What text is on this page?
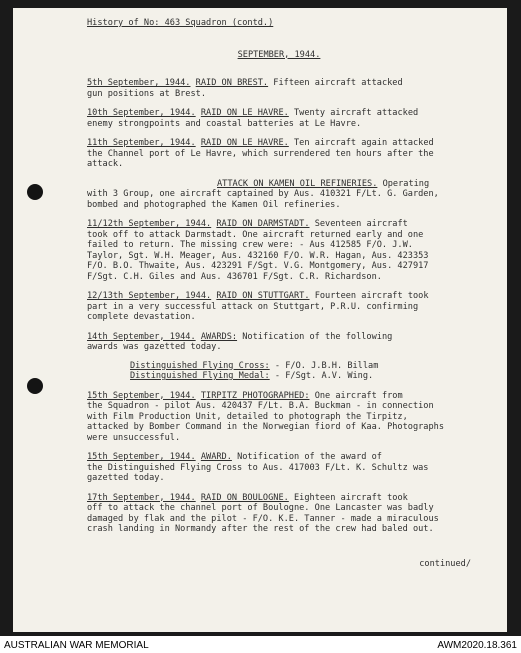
History of No: 463 Squadron (contd.)

SEPTEMBER, 1944.

5th September, 1944. RAID ON BREST. Fifteen aircraft attacked

gun positions at Brest.

10th September, 1944. RAID ON LE HAVRE. Twenty aircraft attacked

enemy strongpoints and coastal batteries at Le Havre.

11th September, 1944. RAID ON LE HAVRE. Ten aircraft again attacked

the Channel port of Le Havre, which surrendered ten hours after the

attack.

ATTACK ON KAMEN OIL REFINERIES. Operating

with 3 Group, one aircraft captained by Aus. 410321 F/Lt. G. Garden,

bombed and photographed the Kamen Oil refineries.

11/12th September, 1944. RAID ON DARMSTADT. Seventeen aircraft

took off to attack Darmstadt. One aircraft returned early and one

failed to return. The missing crew were: - Aus 412585 F/O. J.W.

Taylor, Sgt. W.H. Meager, Aus. 432160 F/O. W.R. Hagan, Aus. 423353

F/O. B.O. Thwaite, Aus. 423291 F/Sgt. V.G. Montgomery, Aus. 427917

F/Sgt. C.H. Giles and Aus. 436701 F/Sgt. C.R. Richardson.

12/13th September, 1944. RAID ON STUTTGART. Fourteen aircraft took

part in a very successful attack on Stuttgart, P.R.U. confirming

complete devastation.

14th September, 1944. AWARDS: Notification of the following

awards was gazetted today.

Distinguished Flying Cross: - F/O. J.B.H. Billam

Distinguished Flying Medal: - F/Sgt. A.V. Wing.

15th September, 1944. TIRPITZ PHOTOGRAPHED: One aircraft from

the Squadron - pilot Aus. 420437 F/Lt. B.A. Buckman - in connection

with Film Production Unit, detailed to photograph the Tirpitz,

attacked by Bomber Command in the Norwegian fiord of Kaa. Photographs

were unsuccessful.

15th September, 1944. AWARD. Notification of the award of

the Distinguished Flying Cross to Aus. 417003 F/Lt. K. Schultz was

gazetted today.

17th September, 1944. RAID ON BOULOGNE. Eighteen aircraft took

off to attack the channel port of Boulogne. One Lancaster was badly

damaged by flak and the pilot - F/O. K.E. Tanner - made a miraculous

crash landing in Normandy after the rest of the crew had baled out.

continued/

AUSTRALIAN WAR MEMORIAL	AWM2020.18.361
